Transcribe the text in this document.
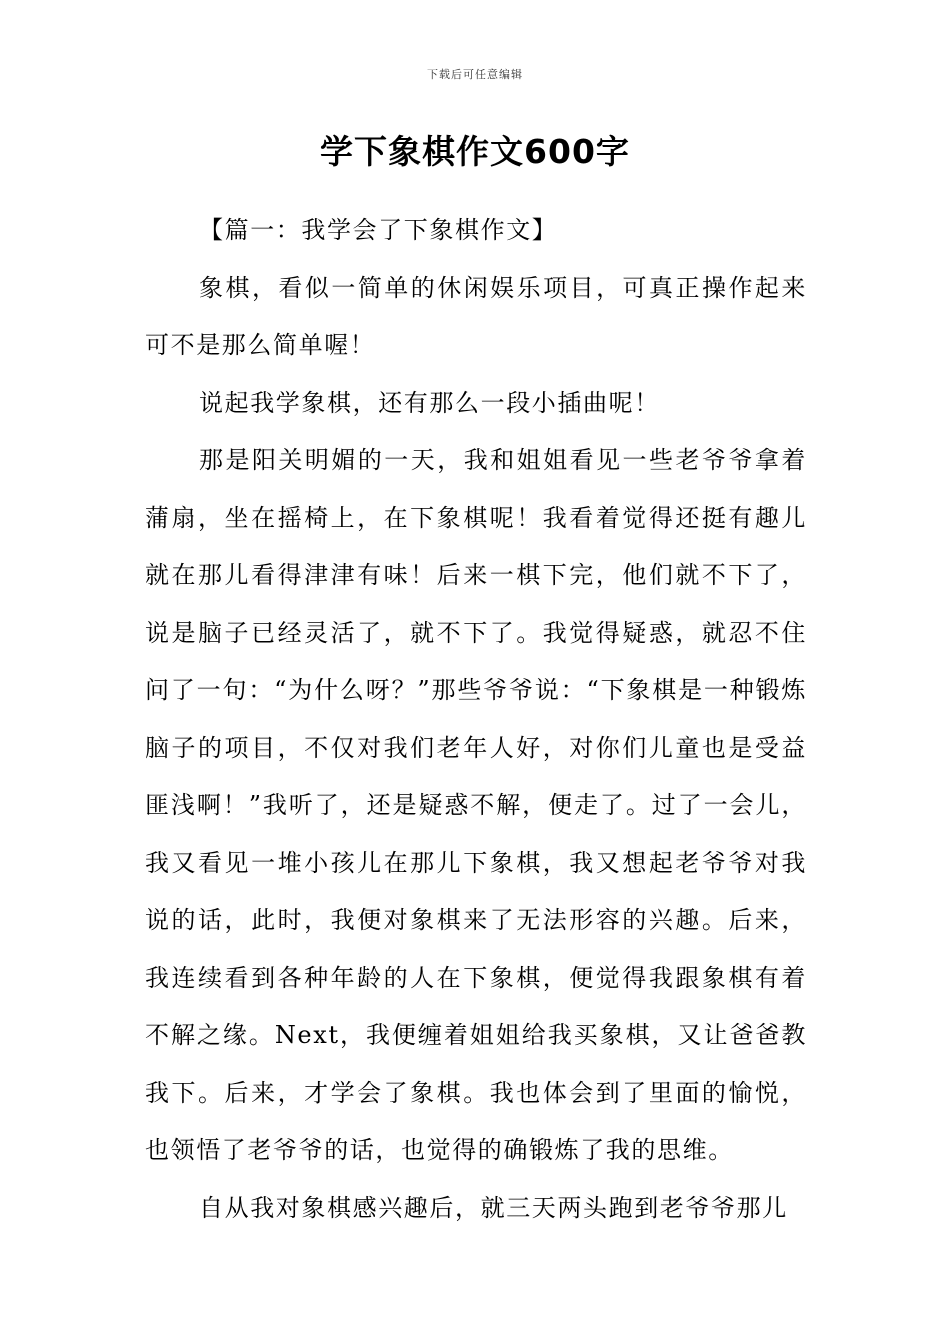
下载后可任意编辑
学下象棋作文600字

【篇一：我学会了下象棋作文】

象棋，看似一简单的休闲娱乐项目，可真正操作起来可不是那么简单喔！

说起我学象棋，还有那么一段小插曲呢！

那是阳关明媚的一天，我和姐姐看见一些老爷爷拿着蒲扇，坐在摇椅上，在下象棋呢！我看着觉得还挺有趣儿就在那儿看得津津有味！后来一棋下完，他们就不下了，说是脑子已经灵活了，就不下了。我觉得疑惑，就忍不住问了一句：“为什么呀？”那些爷爷说：“下象棋是一种锻炼脑子的项目，不仅对我们老年人好，对你们儿童也是受益匪浅啊！”我听了，还是疑惑不解，便走了。过了一会儿，我又看见一堆小孩儿在那儿下象棋，我又想起老爷爷对我说的话，此时，我便对象棋来了无法形容的兴趣。后来，我连续看到各种年龄的人在下象棋，便觉得我跟象棋有着不解之缘。Next，我便缠着姐姐给我买象棋，又让爸爸教我下。后来，才学会了象棋。我也体会到了里面的愉悦，也领悟了老爷爷的话，也觉得的确锻炼了我的思维。

自从我对象棋感兴趣后，就三天两头跑到老爷爷那儿
